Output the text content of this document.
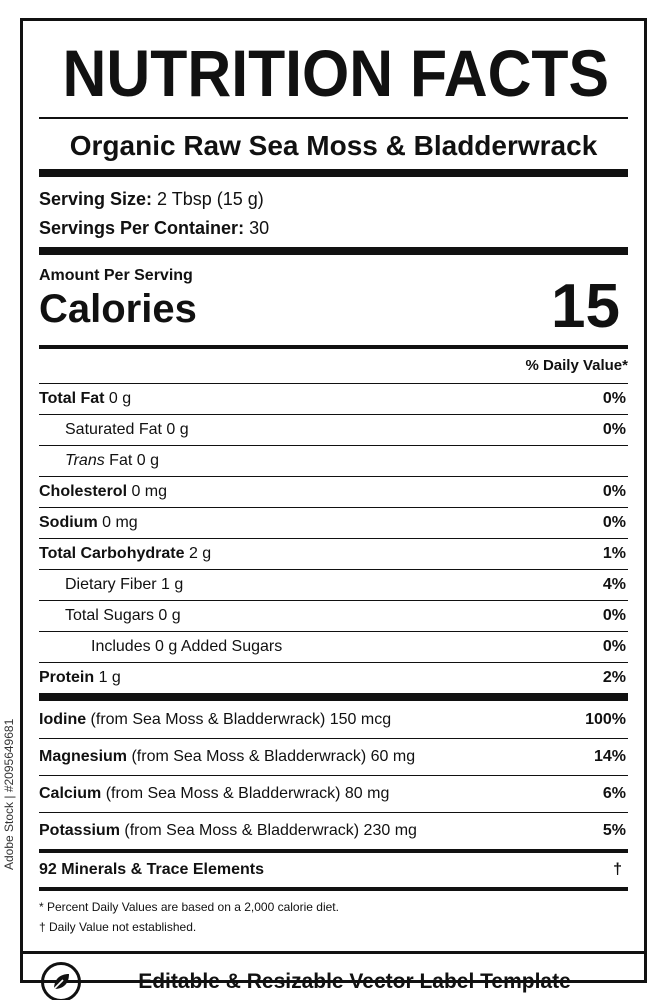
NUTRITION FACTS
Organic Raw Sea Moss & Bladderwrack
Serving Size: 2 Tbsp (15 g)
Servings Per Container: 30
Amount Per Serving
Calories	15
% Daily Value*
Total Fat 0 g	0%
Saturated Fat 0 g	0%
Trans Fat 0 g
Cholesterol 0 mg	0%
Sodium 0 mg	0%
Total Carbohydrate 2 g	1%
Dietary Fiber 1 g	4%
Total Sugars 0 g	0%
Includes 0 g Added Sugars	0%
Protein 1 g	2%
Iodine (from Sea Moss & Bladderwrack) 150 mcg	100%
Magnesium (from Sea Moss & Bladderwrack) 60 mg	14%
Calcium (from Sea Moss & Bladderwrack) 80 mg	6%
Potassium (from Sea Moss & Bladderwrack) 230 mg	5%
92 Minerals & Trace Elements	†
* Percent Daily Values are based on a 2,000 calorie diet.
† Daily Value not established.
Editable & Resizable Vector Label Template
Adobe Stock | #2095649681
